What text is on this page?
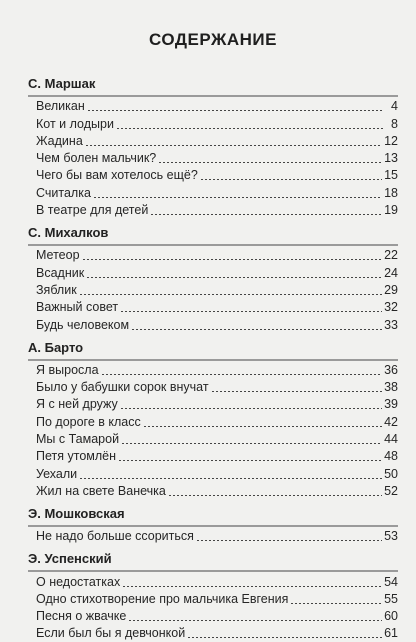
СОДЕРЖАНИЕ
С. Маршак
Великан	4
Кот и лодыри	8
Жадина	12
Чем болен мальчик?	13
Чего бы вам хотелось ещё?	15
Считалка	18
В театре для детей	19
С. Михалков
Метеор	22
Всадник	24
Зяблик	29
Важный совет	32
Будь человеком	33
А. Барто
Я выросла	36
Было у бабушки сорок внучат	38
Я с ней дружу	39
По дороге в класс	42
Мы с Тамарой	44
Петя утомлён	48
Уехали	50
Жил на свете Ванечка	52
Э. Мошковская
Не надо больше ссориться	53
Э. Успенский
О недостатках	54
Одно стихотворение про мальчика Евгения	55
Песня о жвачке	60
Если был бы я девчонкой	61
